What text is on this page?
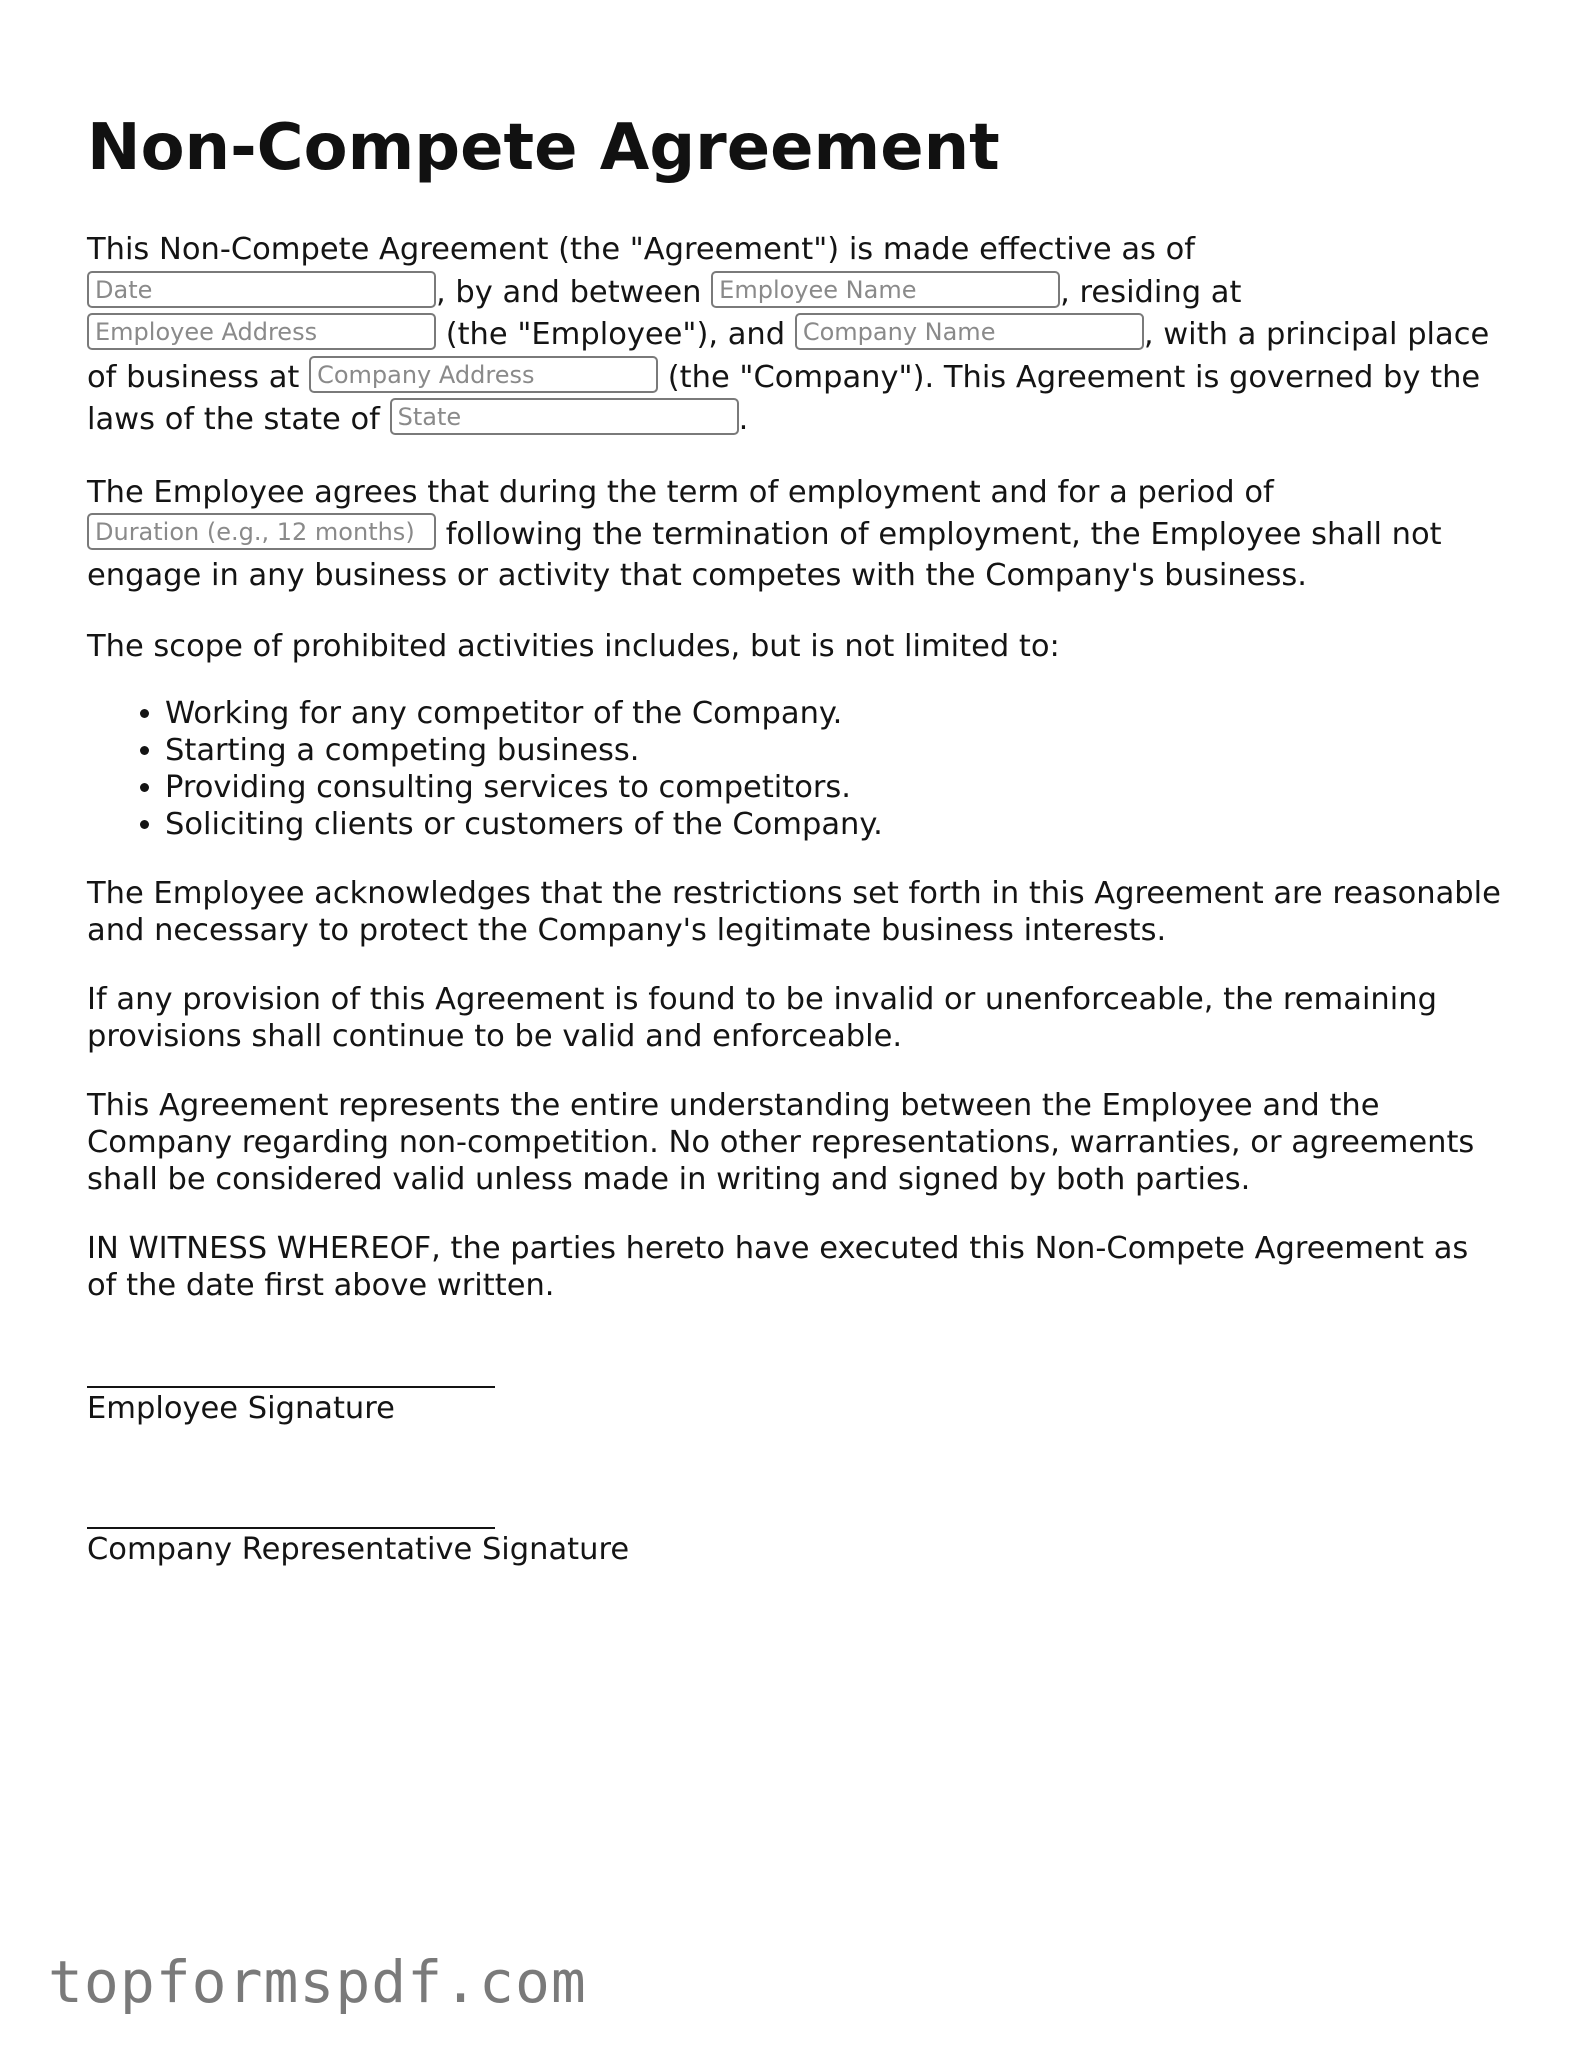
Non-Compete Agreement

This Non-Compete Agreement (the "Agreement") is made effective as of Date	, by and between Employee Name	, residing at Employee Address	(the "Employee"), and Company Name	, with a principal place of business at Company Address	(the "Company"). This Agreement is governed by the laws of the state of State	.

The Employee agrees that during the term of employment and for a period of Duration (e.g., 12 months) following the termination of employment, the Employee shall not engage in any business or activity that competes with the Company's business.

The scope of prohibited activities includes, but is not limited to:

• Working for any competitor of the Company.
• Starting a competing business.
• Providing consulting services to competitors.
• Soliciting clients or customers of the Company.

The Employee acknowledges that the restrictions set forth in this Agreement are reasonable and necessary to protect the Company's legitimate business interests.

If any provision of this Agreement is found to be invalid or unenforceable, the remaining provisions shall continue to be valid and enforceable.

This Agreement represents the entire understanding between the Employee and the Company regarding non-competition. No other representations, warranties, or agreements shall be considered valid unless made in writing and signed by both parties.

IN WITNESS WHEREOF, the parties hereto have executed this Non-Compete Agreement as of the date first above written.

Employee Signature
Company Representative Signature
topformspdf.com
